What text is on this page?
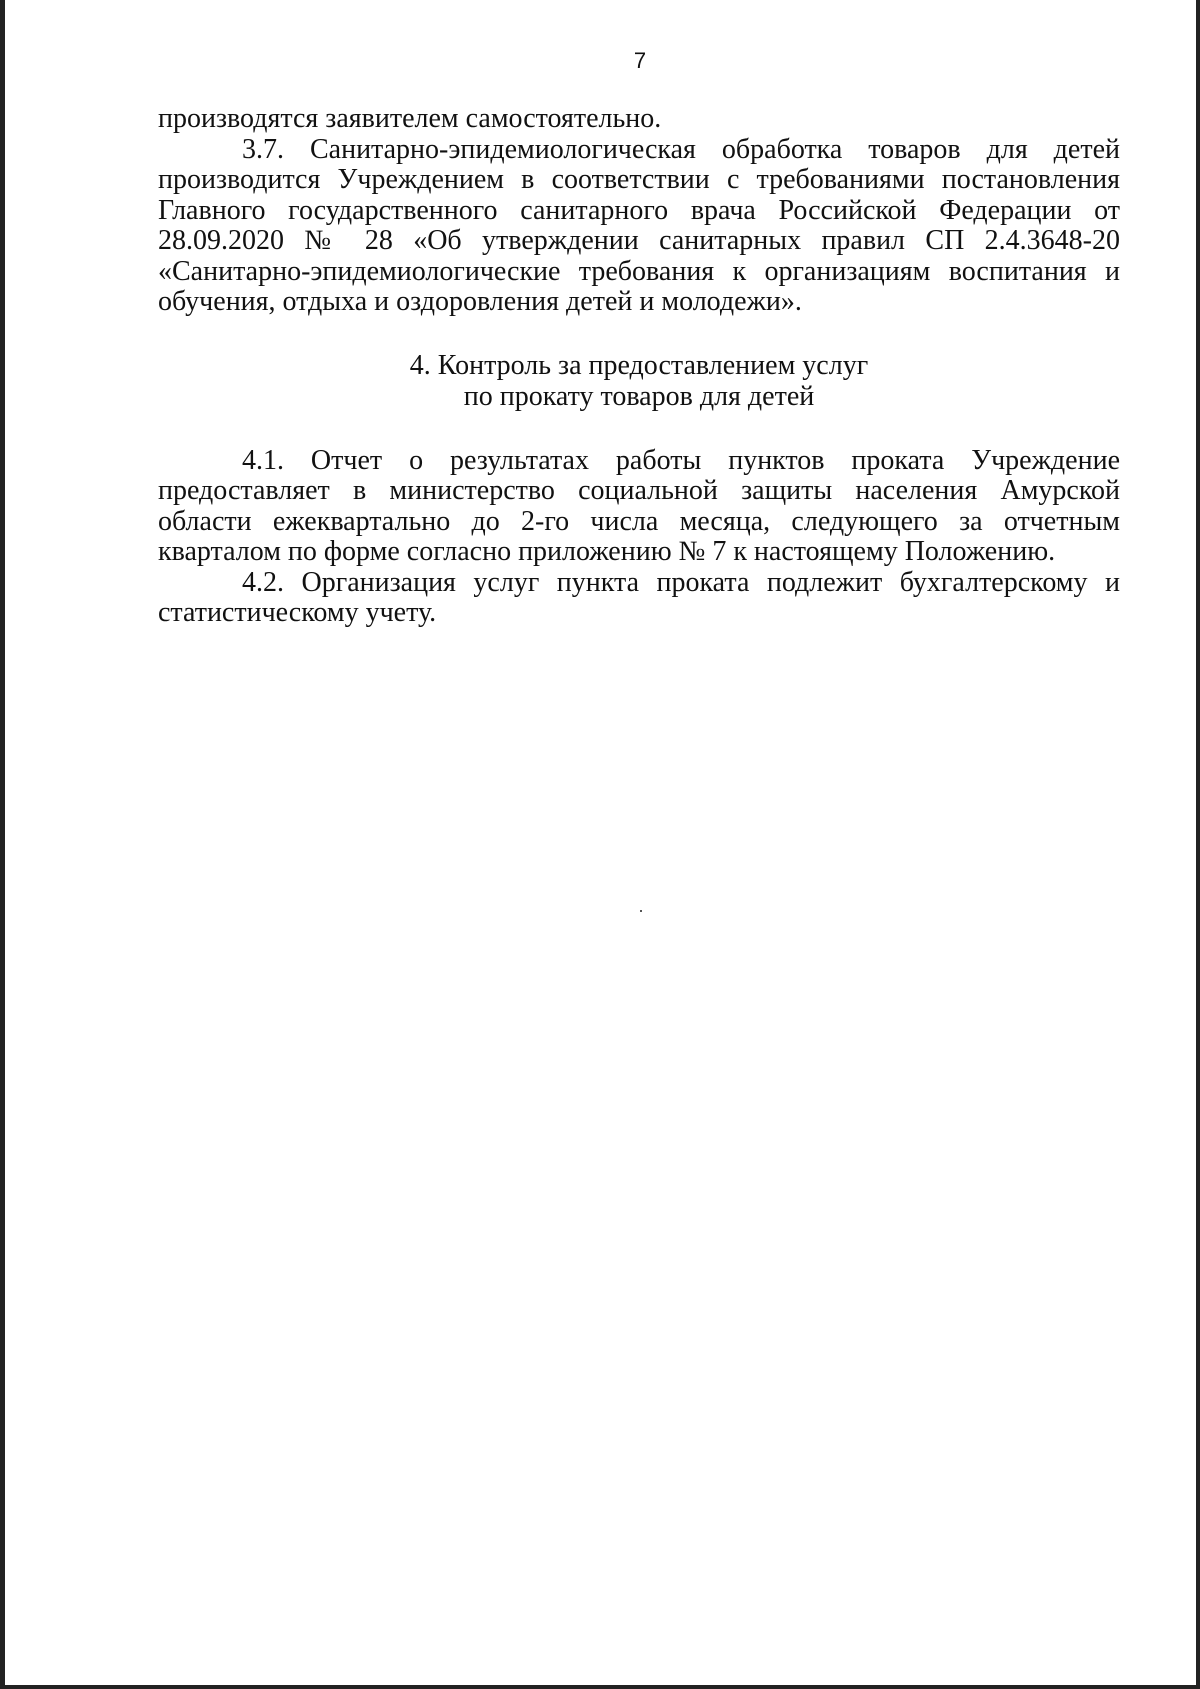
7

производятся заявителем самостоятельно.

3.7. Санитарно-эпидемиологическая обработка товаров для детей производится Учреждением в соответствии с требованиями постановления Главного государственного санитарного врача Российской Федерации от 28.09.2020 № 28 «Об утверждении санитарных правил СП 2.4.3648-20 «Санитарно-эпидемиологические требования к организациям воспитания и обучения, отдыха и оздоровления детей и молодежи».

4. Контроль за предоставлением услуг
по прокату товаров для детей

4.1. Отчет о результатах работы пунктов проката Учреждение предоставляет в министерство социальной защиты населения Амурской области ежеквартально до 2-го числа месяца, следующего за отчетным кварталом по форме согласно приложению № 7 к настоящему Положению.

4.2. Организация услуг пункта проката подлежит бухгалтерскому и статистическому учету.
